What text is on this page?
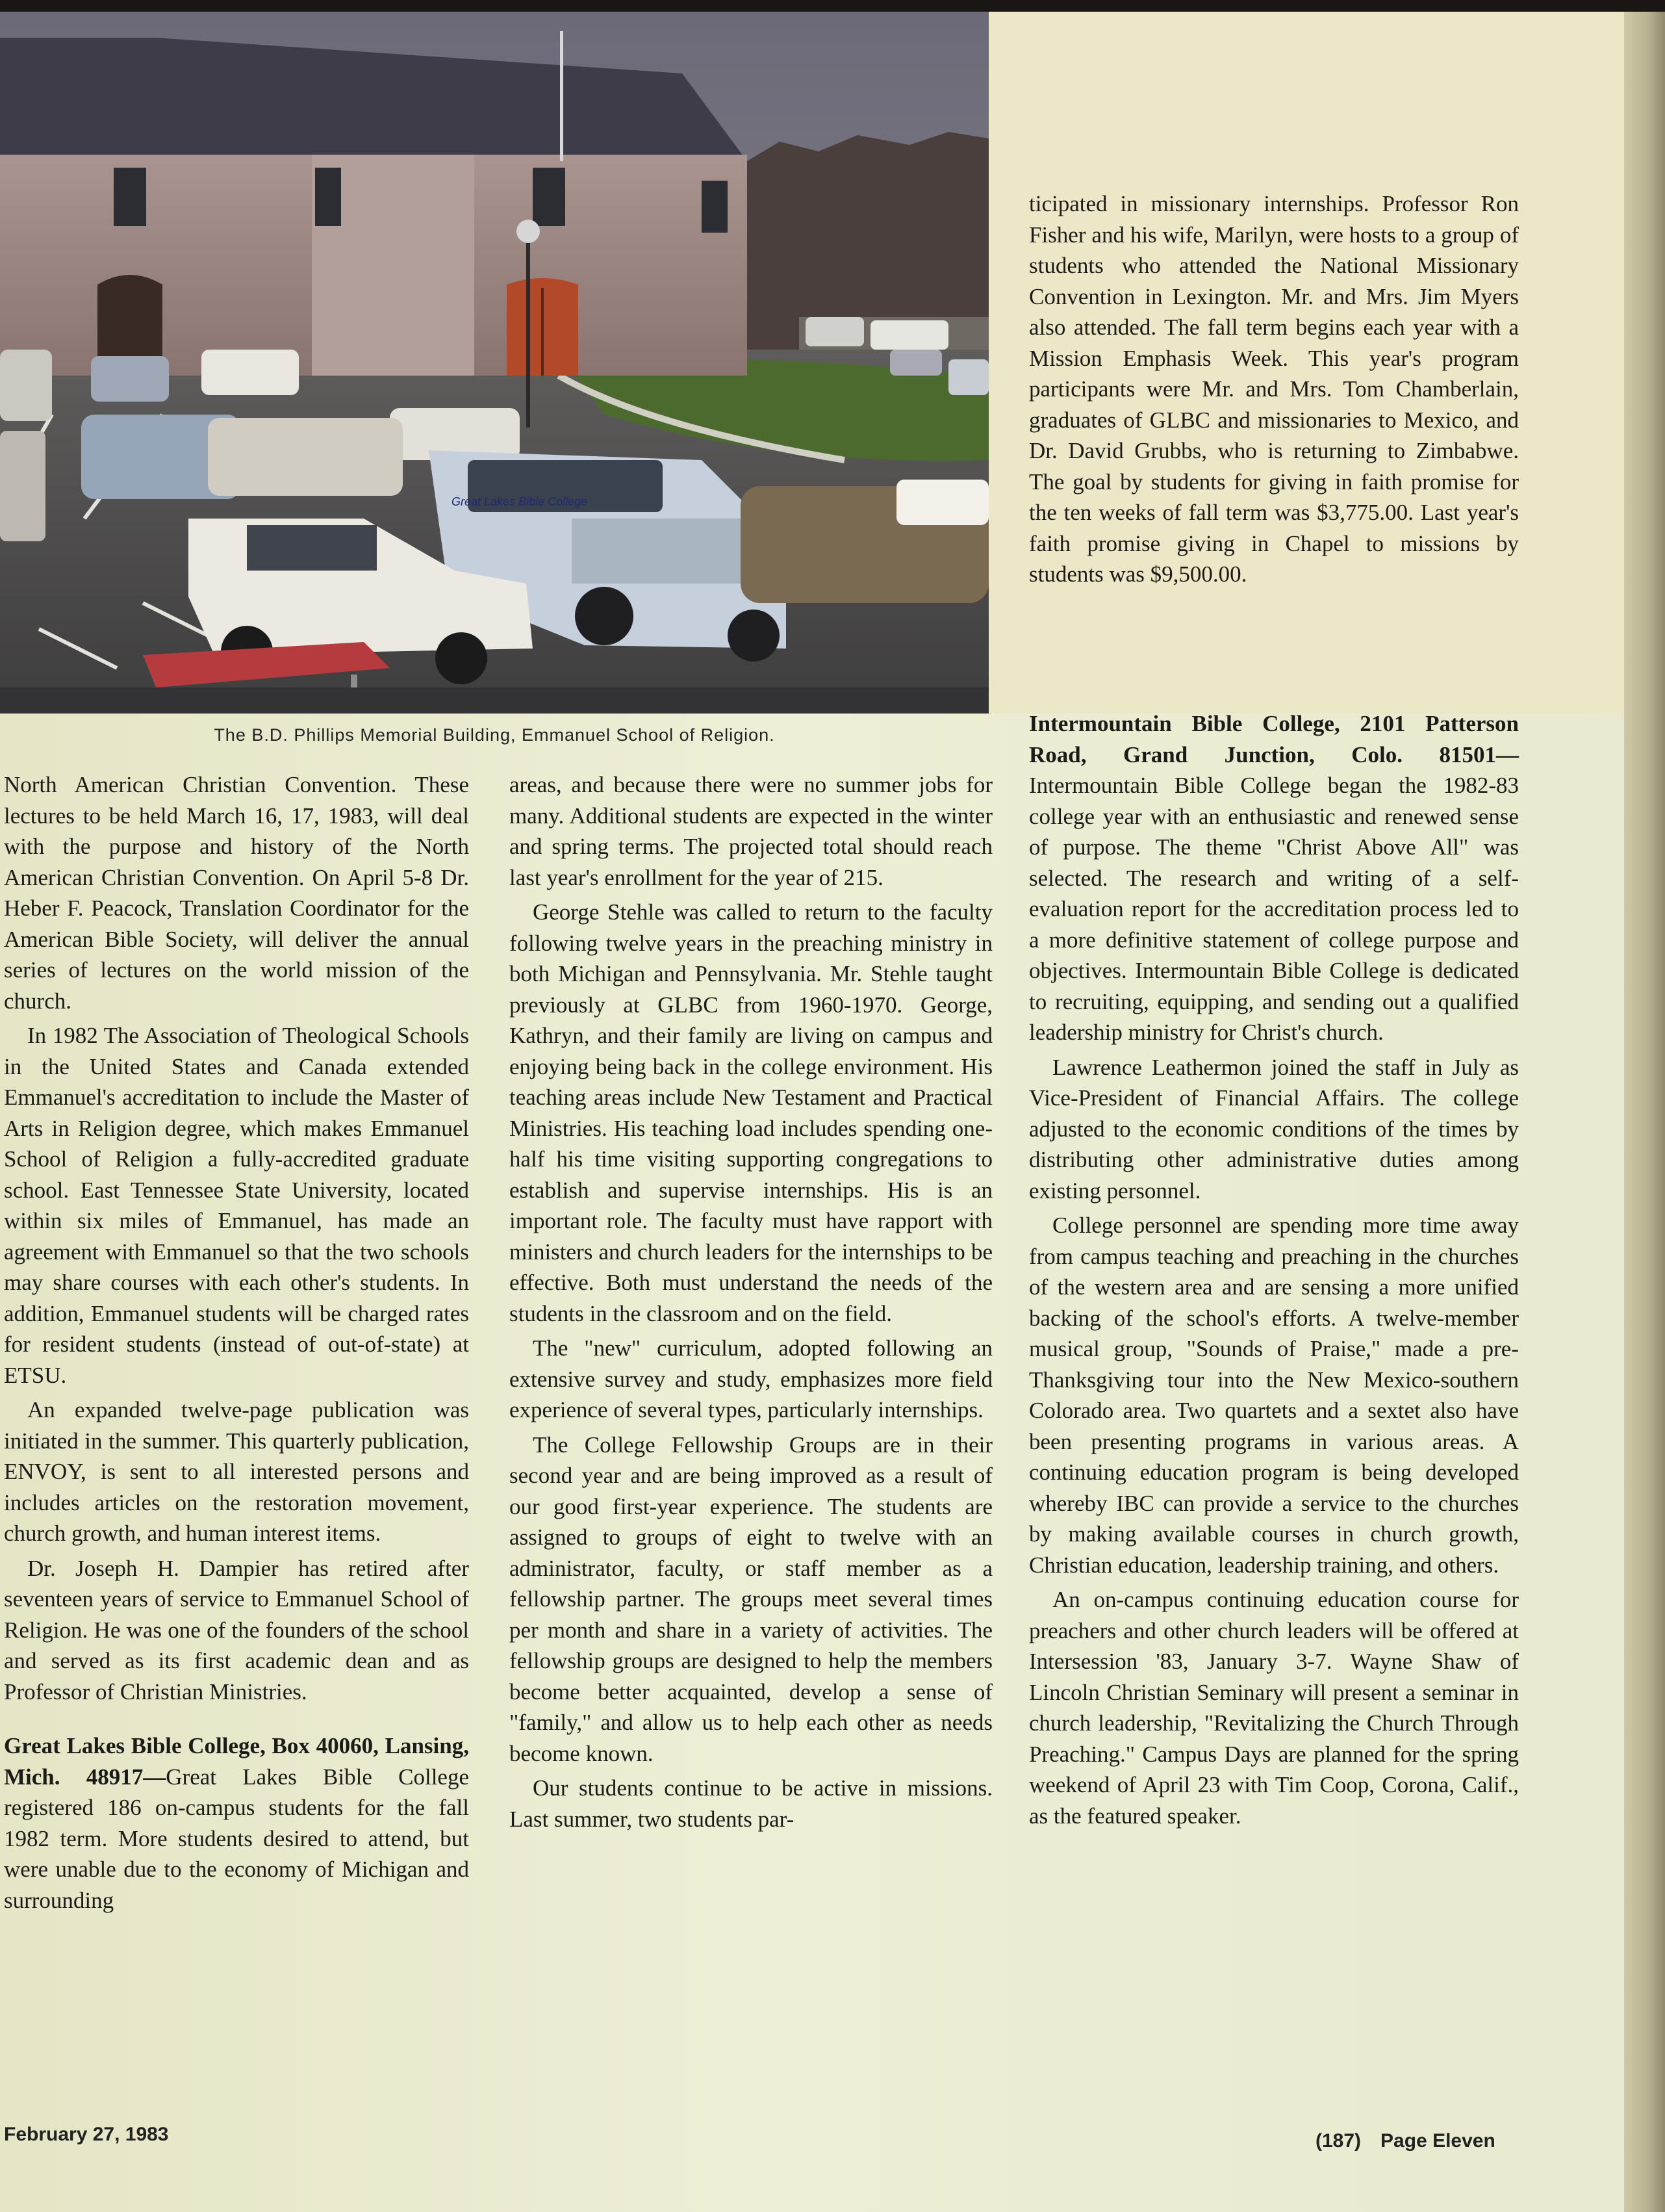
Great Lakes Bible College
The B.D. Phillips Memorial Building, Emmanuel School of Religion.

North American Christian Convention. These lectures to be held March 16, 17, 1983, will deal with the purpose and history of the North American Christian Convention. On April 5-8 Dr. Heber F. Peacock, Translation Coordinator for the American Bible Society, will deliver the annual series of lectures on the world mission of the church.

In 1982 The Association of Theological Schools in the United States and Canada extended Emmanuel's accreditation to include the Master of Arts in Religion degree, which makes Emmanuel School of Religion a fully-accredited graduate school. East Tennessee State University, located within six miles of Emmanuel, has made an agreement with Emmanuel so that the two schools may share courses with each other's students. In addition, Emmanuel students will be charged rates for resident students (instead of out-of-state) at ETSU.

An expanded twelve-page publication was initiated in the summer. This quarterly publication, ENVOY, is sent to all interested persons and includes articles on the restoration movement, church growth, and human interest items.

Dr. Joseph H. Dampier has retired after seventeen years of service to Emmanuel School of Religion. He was one of the founders of the school and served as its first academic dean and as Professor of Christian Ministries.

Great Lakes Bible College, Box 40060, Lansing, Mich. 48917—Great Lakes Bible College registered 186 on-campus students for the fall 1982 term. More students desired to attend, but were unable due to the economy of Michigan and surrounding

areas, and because there were no summer jobs for many. Additional students are expected in the winter and spring terms. The projected total should reach last year's enrollment for the year of 215.

George Stehle was called to return to the faculty following twelve years in the preaching ministry in both Michigan and Pennsylvania. Mr. Stehle taught previously at GLBC from 1960-1970. George, Kathryn, and their family are living on campus and enjoying being back in the college environment. His teaching areas include New Testament and Practical Ministries. His teaching load includes spending one-half his time visiting supporting congregations to establish and supervise internships. His is an important role. The faculty must have rapport with ministers and church leaders for the internships to be effective. Both must understand the needs of the students in the classroom and on the field.

The "new" curriculum, adopted following an extensive survey and study, emphasizes more field experience of several types, particularly internships.

The College Fellowship Groups are in their second year and are being improved as a result of our good first-year experience. The students are assigned to groups of eight to twelve with an administrator, faculty, or staff member as a fellowship partner. The groups meet several times per month and share in a variety of activities. The fellowship groups are designed to help the members become better acquainted, develop a sense of "family," and allow us to help each other as needs become known.

Our students continue to be active in missions. Last summer, two students par-

ticipated in missionary internships. Professor Ron Fisher and his wife, Marilyn, were hosts to a group of students who attended the National Missionary Convention in Lexington. Mr. and Mrs. Jim Myers also attended. The fall term begins each year with a Mission Emphasis Week. This year's program participants were Mr. and Mrs. Tom Chamberlain, graduates of GLBC and missionaries to Mexico, and Dr. David Grubbs, who is returning to Zimbabwe. The goal by students for giving in faith promise for the ten weeks of fall term was $3,775.00. Last year's faith promise giving in Chapel to missions by students was $9,500.00.

Intermountain Bible College, 2101 Patterson Road, Grand Junction, Colo. 81501—Intermountain Bible College began the 1982-83 college year with an enthusiastic and renewed sense of purpose. The theme "Christ Above All" was selected. The research and writing of a self-evaluation report for the accreditation process led to a more definitive statement of college purpose and objectives. Intermountain Bible College is dedicated to recruiting, equipping, and sending out a qualified leadership ministry for Christ's church.

Lawrence Leathermon joined the staff in July as Vice-President of Financial Affairs. The college adjusted to the economic conditions of the times by distributing other administrative duties among existing personnel.

College personnel are spending more time away from campus teaching and preaching in the churches of the western area and are sensing a more unified backing of the school's efforts. A twelve-member musical group, "Sounds of Praise," made a pre-Thanksgiving tour into the New Mexico-southern Colorado area. Two quartets and a sextet also have been presenting programs in various areas. A continuing education program is being developed whereby IBC can provide a service to the churches by making available courses in church growth, Christian education, leadership training, and others.

An on-campus continuing education course for preachers and other church leaders will be offered at Intersession '83, January 3-7. Wayne Shaw of Lincoln Christian Seminary will present a seminar in church leadership, "Revitalizing the Church Through Preaching." Campus Days are planned for the spring weekend of April 23 with Tim Coop, Corona, Calif., as the featured speaker.

February 27, 1983	(187) Page Eleven
